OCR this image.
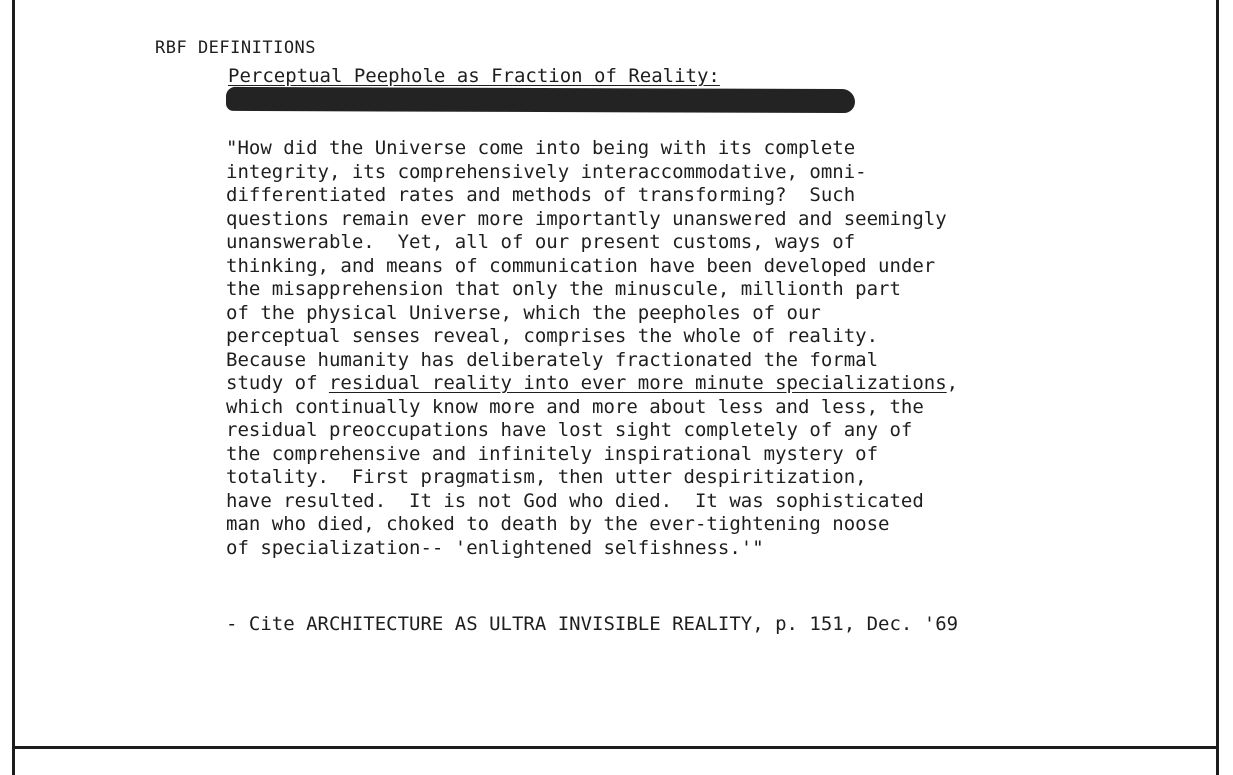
RBF DEFINITIONS
Perceptual Peephole as Fraction of Reality:
"How did the Universe come into being with its complete
integrity, its comprehensively interaccommodative, omni-
differentiated rates and methods of transforming?  Such
questions remain ever more importantly unanswered and seemingly
unanswerable.  Yet, all of our present customs, ways of
thinking, and means of communication have been developed under
the misapprehension that only the minuscule, millionth part
of the physical Universe, which the peepholes of our
perceptual senses reveal, comprises the whole of reality.
Because humanity has deliberately fractionated the formal
study of residual reality into ever more minute specializations,
which continually know more and more about less and less, the
residual preoccupations have lost sight completely of any of
the comprehensive and infinitely inspirational mystery of
totality.  First pragmatism, then utter despiritization,
have resulted.  It is not God who died.  It was sophisticated
man who died, choked to death by the ever-tightening noose
of specialization-- 'enlightened selfishness.'"
- Cite ARCHITECTURE AS ULTRA INVISIBLE REALITY, p. 151, Dec. '69
